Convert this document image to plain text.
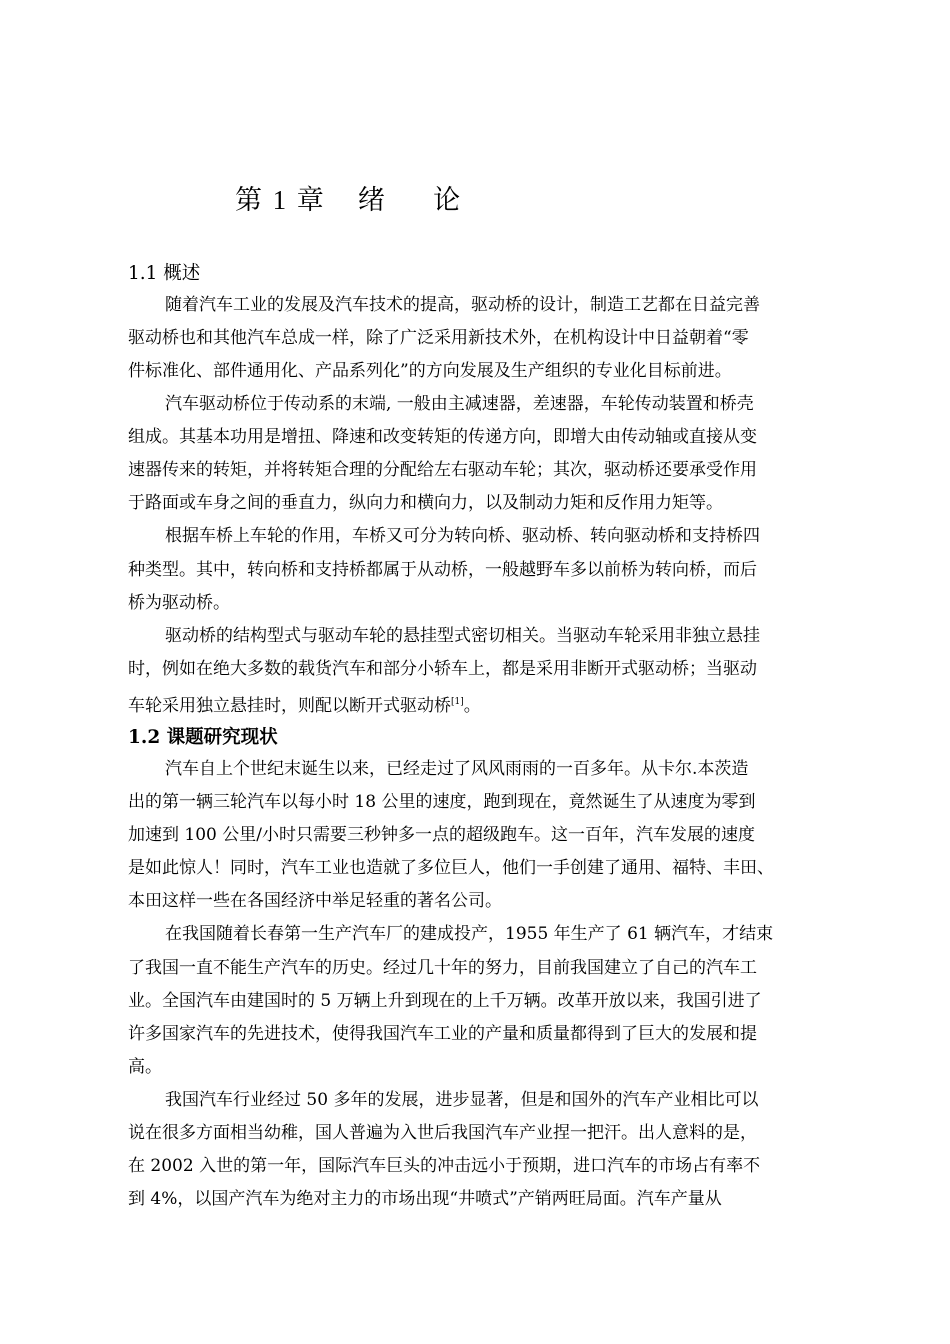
第 1 章 绪 论
1.1 概述
随着汽车工业的发展及汽车技术的提高，驱动桥的设计，制造工艺都在日益完善
驱动桥也和其他汽车总成一样，除了广泛采用新技术外，在机构设计中日益朝着“零
件标准化、部件通用化、产品系列化”的方向发展及生产组织的专业化目标前进。
汽车驱动桥位于传动系的末端, 一般由主减速器，差速器，车轮传动装置和桥壳
组成。其基本功用是增扭、降速和改变转矩的传递方向，即增大由传动轴或直接从变
速器传来的转矩，并将转矩合理的分配给左右驱动车轮；其次，驱动桥还要承受作用
于路面或车身之间的垂直力，纵向力和横向力，以及制动力矩和反作用力矩等。
根据车桥上车轮的作用，车桥又可分为转向桥、驱动桥、转向驱动桥和支持桥四
种类型。其中，转向桥和支持桥都属于从动桥，一般越野车多以前桥为转向桥，而后
桥为驱动桥。
驱动桥的结构型式与驱动车轮的悬挂型式密切相关。当驱动车轮采用非独立悬挂
时，例如在绝大多数的载货汽车和部分小轿车上，都是采用非断开式驱动桥；当驱动
车轮采用独立悬挂时，则配以断开式驱动桥[1]。
1.2 课题研究现状
汽车自上个世纪末诞生以来，已经走过了风风雨雨的一百多年。从卡尔.本茨造
出的第一辆三轮汽车以每小时 18 公里的速度，跑到现在，竟然诞生了从速度为零到
加速到 100 公里/小时只需要三秒钟多一点的超级跑车。这一百年，汽车发展的速度
是如此惊人！同时，汽车工业也造就了多位巨人，他们一手创建了通用、福特、丰田、
本田这样一些在各国经济中举足轻重的著名公司。
在我国随着长春第一生产汽车厂的建成投产，1955 年生产了 61 辆汽车，才结束
了我国一直不能生产汽车的历史。经过几十年的努力，目前我国建立了自己的汽车工
业。全国汽车由建国时的 5 万辆上升到现在的上千万辆。改革开放以来，我国引进了
许多国家汽车的先进技术，使得我国汽车工业的产量和质量都得到了巨大的发展和提
高。
我国汽车行业经过 50 多年的发展，进步显著，但是和国外的汽车产业相比可以
说在很多方面相当幼稚，国人普遍为入世后我国汽车产业捏一把汗。出人意料的是，
在 2002 入世的第一年，国际汽车巨头的冲击远小于预期，进口汽车的市场占有率不
到 4%，以国产汽车为绝对主力的市场出现“井喷式”产销两旺局面。汽车产量从
